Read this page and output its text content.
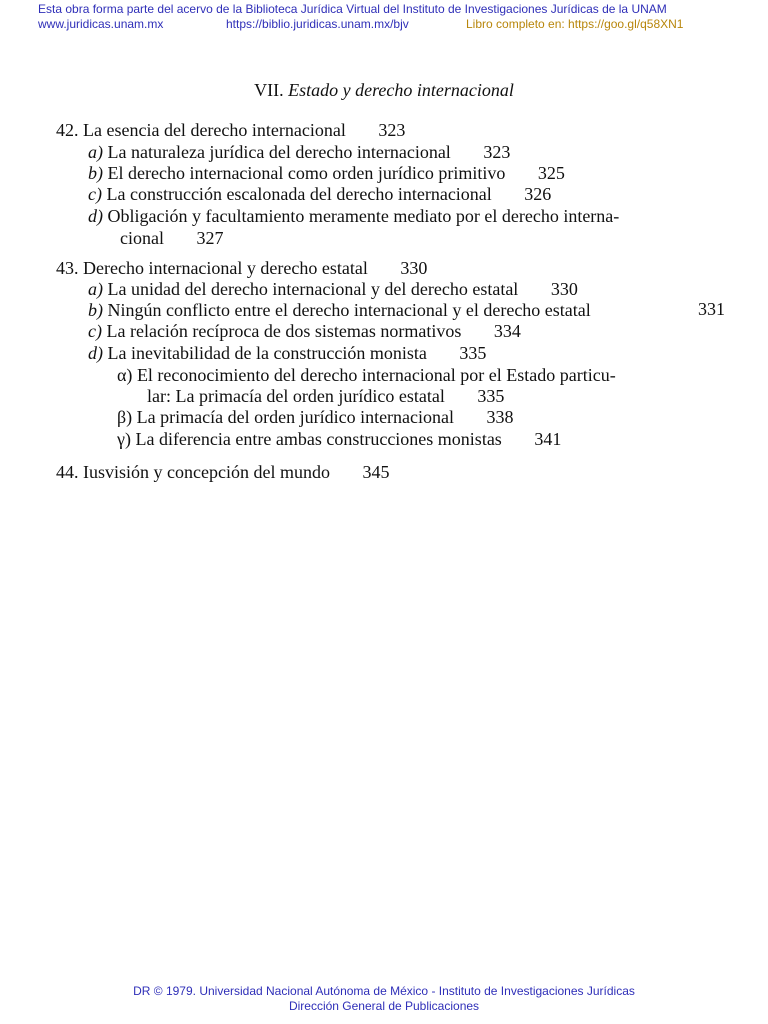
Esta obra forma parte del acervo de la Biblioteca Jurídica Virtual del Instituto de Investigaciones Jurídicas de la UNAM
www.juridicas.unam.mx	https://biblio.juridicas.unam.mx/bjv	Libro completo en: https://goo.gl/q58XN1
VII. Estado y derecho internacional
42. La esencia del derecho internacional 323
a) La naturaleza jurídica del derecho internacional 323
b) El derecho internacional como orden jurídico primitivo 325
c) La construcción escalonada del derecho internacional 326
d) Obligación y facultamiento meramente mediato por el derecho interna-
cional 327
43. Derecho internacional y derecho estatal 330
a) La unidad del derecho internacional y del derecho estatal 330
b) Ningún conflicto entre el derecho internacional y el derecho estatal	331
c) La relación recíproca de dos sistemas normativos 334
d) La inevitabilidad de la construcción monista 335
α) El reconocimiento del derecho internacional por el Estado particu-
lar: La primacía del orden jurídico estatal 335
β) La primacía del orden jurídico internacional 338
γ) La diferencia entre ambas construcciones monistas 341
44. Iusvisión y concepción del mundo 345
DR © 1979. Universidad Nacional Autónoma de México - Instituto de Investigaciones Jurídicas
Dirección General de Publicaciones
